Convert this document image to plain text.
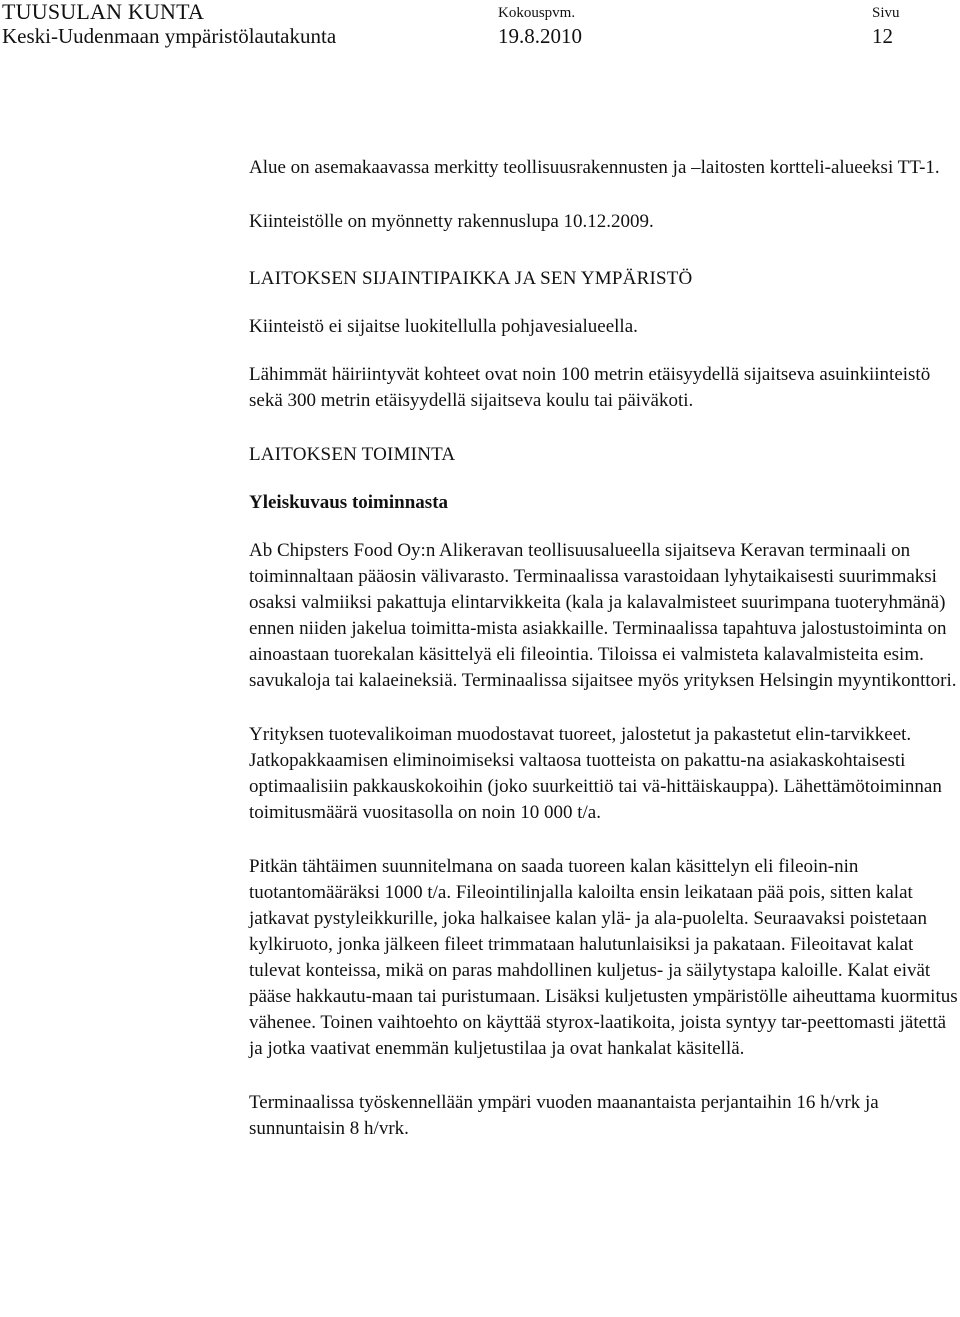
TUUSULAN KUNTA
Keski-Uudenmaan ympäristölautakunta
Kokouspvm.
19.8.2010
Sivu
12

Alue on asemakaavassa merkitty teollisuusrakennusten ja –laitosten kortteli-alueeksi TT-1.

Kiinteistölle on myönnetty rakennuslupa 10.12.2009.

LAITOKSEN SIJAINTIPAIKKA JA SEN YMPÄRISTÖ

Kiinteistö ei sijaitse luokitellulla pohjavesialueella.

Lähimmät häiriintyvät kohteet ovat noin 100 metrin etäisyydellä sijaitseva asuinkiinteistö sekä 300 metrin etäisyydellä sijaitseva koulu tai päiväkoti.

LAITOKSEN TOIMINTA

Yleiskuvaus toiminnasta

Ab Chipsters Food Oy:n Alikeravan teollisuusalueella sijaitseva Keravan terminaali on toiminnaltaan pääosin välivarasto. Terminaalissa varastoidaan lyhytaikaisesti suurimmaksi osaksi valmiiksi pakattuja elintarvikkeita (kala ja kalavalmisteet suurimpana tuoteryhmänä) ennen niiden jakelua toimitta-mista asiakkaille. Terminaalissa tapahtuva jalostustoiminta on ainoastaan tuorekalan käsittelyä eli fileointia. Tiloissa ei valmisteta kalavalmisteita esim. savukaloja tai kalaeineksiä. Terminaalissa sijaitsee myös yrityksen Helsingin myyntikonttori.

Yrityksen tuotevalikoiman muodostavat tuoreet, jalostetut ja pakastetut elin-tarvikkeet. Jatkopakkaamisen eliminoimiseksi valtaosa tuotteista on pakattu-na asiakaskohtaisesti optimaalisiin pakkauskokoihin (joko suurkeittiö tai vä-hittäiskauppa). Lähettämötoiminnan toimitusmäärä vuositasolla on noin 10 000 t/a.

Pitkän tähtäimen suunnitelmana on saada tuoreen kalan käsittelyn eli fileoin-nin tuotantomääräksi 1000 t/a. Fileointilinjalla kaloilta ensin leikataan pää pois, sitten kalat jatkavat pystyleikkurille, joka halkaisee kalan ylä- ja ala-puolelta. Seuraavaksi poistetaan kylkiruoto, jonka jälkeen fileet trimmataan halutunlaisiksi ja pakataan. Fileoitavat kalat tulevat konteissa, mikä on paras mahdollinen kuljetus- ja säilytystapa kaloille. Kalat eivät pääse hakkautu-maan tai puristumaan. Lisäksi kuljetusten ympäristölle aiheuttama kuormitus vähenee. Toinen vaihtoehto on käyttää styrox-laatikoita, joista syntyy tar-peettomasti jätettä ja jotka vaativat enemmän kuljetustilaa ja ovat hankalat käsitellä.

Terminaalissa työskennellään ympäri vuoden maanantaista perjantaihin 16 h/vrk ja sunnuntaisin 8 h/vrk.
